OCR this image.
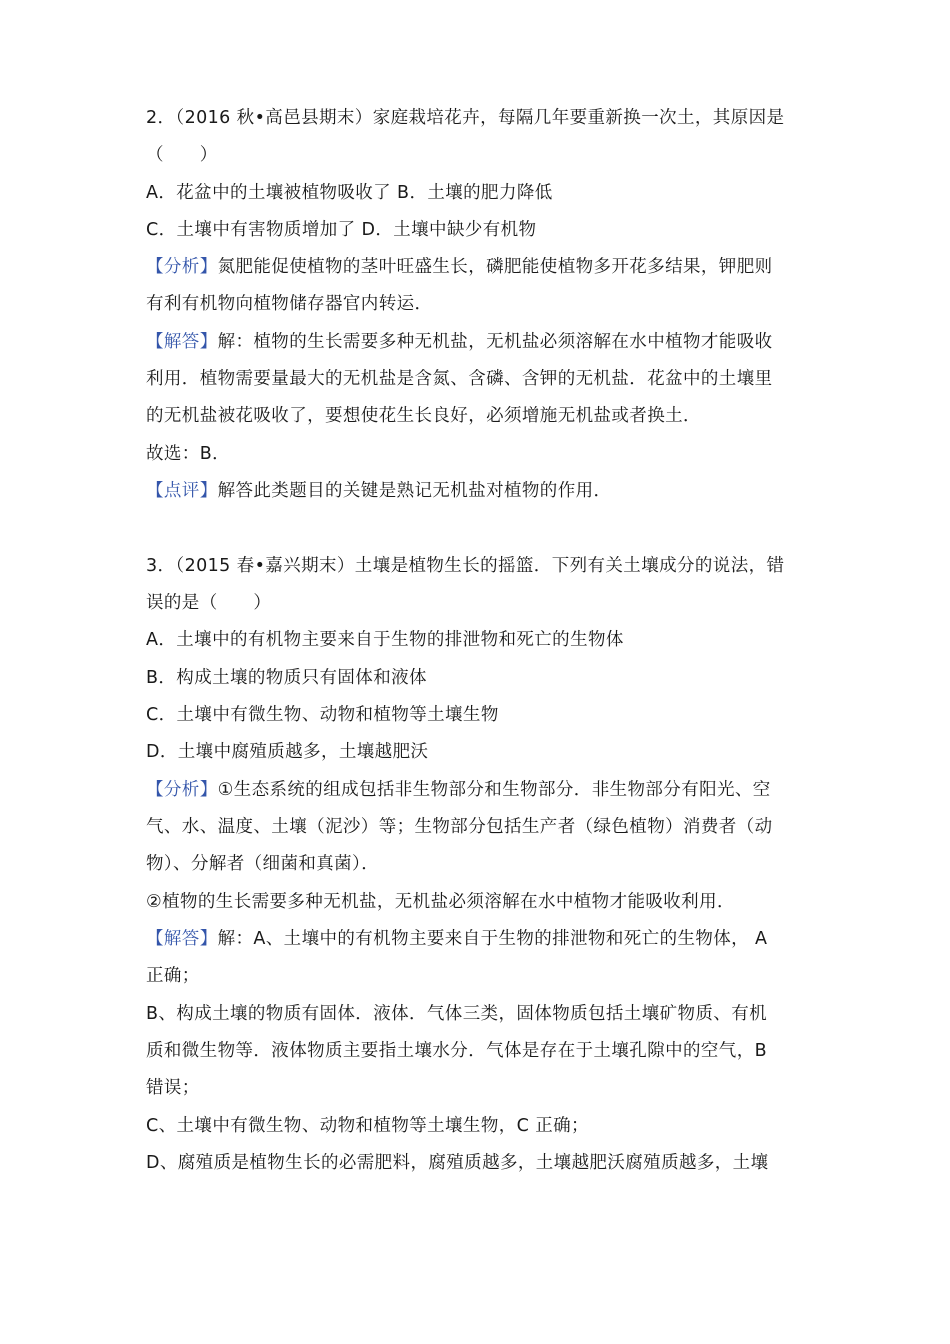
2．（2016 秋•高邑县期末）家庭栽培花卉，每隔几年要重新换一次土，其原因是
（　　）
A．花盆中的土壤被植物吸收了 B．土壤的肥力降低
C．土壤中有害物质增加了 D．土壤中缺少有机物
【分析】氮肥能促使植物的茎叶旺盛生长，磷肥能使植物多开花多结果，钾肥则
有利有机物向植物储存器官内转运．
【解答】解：植物的生长需要多种无机盐，无机盐必须溶解在水中植物才能吸收
利用．植物需要量最大的无机盐是含氮、含磷、含钾的无机盐．花盆中的土壤里
的无机盐被花吸收了，要想使花生长良好，必须增施无机盐或者换土．
故选：B．
【点评】解答此类题目的关键是熟记无机盐对植物的作用．
3．（2015 春•嘉兴期末）土壤是植物生长的摇篮．下列有关土壤成分的说法，错
误的是（　　）
A．土壤中的有机物主要来自于生物的排泄物和死亡的生物体
B．构成土壤的物质只有固体和液体
C．土壤中有微生物、动物和植物等土壤生物
D．土壤中腐殖质越多，土壤越肥沃
【分析】①生态系统的组成包括非生物部分和生物部分．非生物部分有阳光、空
气、水、温度、土壤（泥沙）等；生物部分包括生产者（绿色植物）消费者（动
物）、分解者（细菌和真菌）．
②植物的生长需要多种无机盐，无机盐必须溶解在水中植物才能吸收利用．
【解答】解：A、土壤中的有机物主要来自于生物的排泄物和死亡的生物体， A
正确；
B、构成土壤的物质有固体．液体．气体三类，固体物质包括土壤矿物质、有机
质和微生物等．液体物质主要指土壤水分．气体是存在于土壤孔隙中的空气，B
错误；
C、土壤中有微生物、动物和植物等土壤生物，C 正确；
D、腐殖质是植物生长的必需肥料，腐殖质越多，土壤越肥沃腐殖质越多，土壤
